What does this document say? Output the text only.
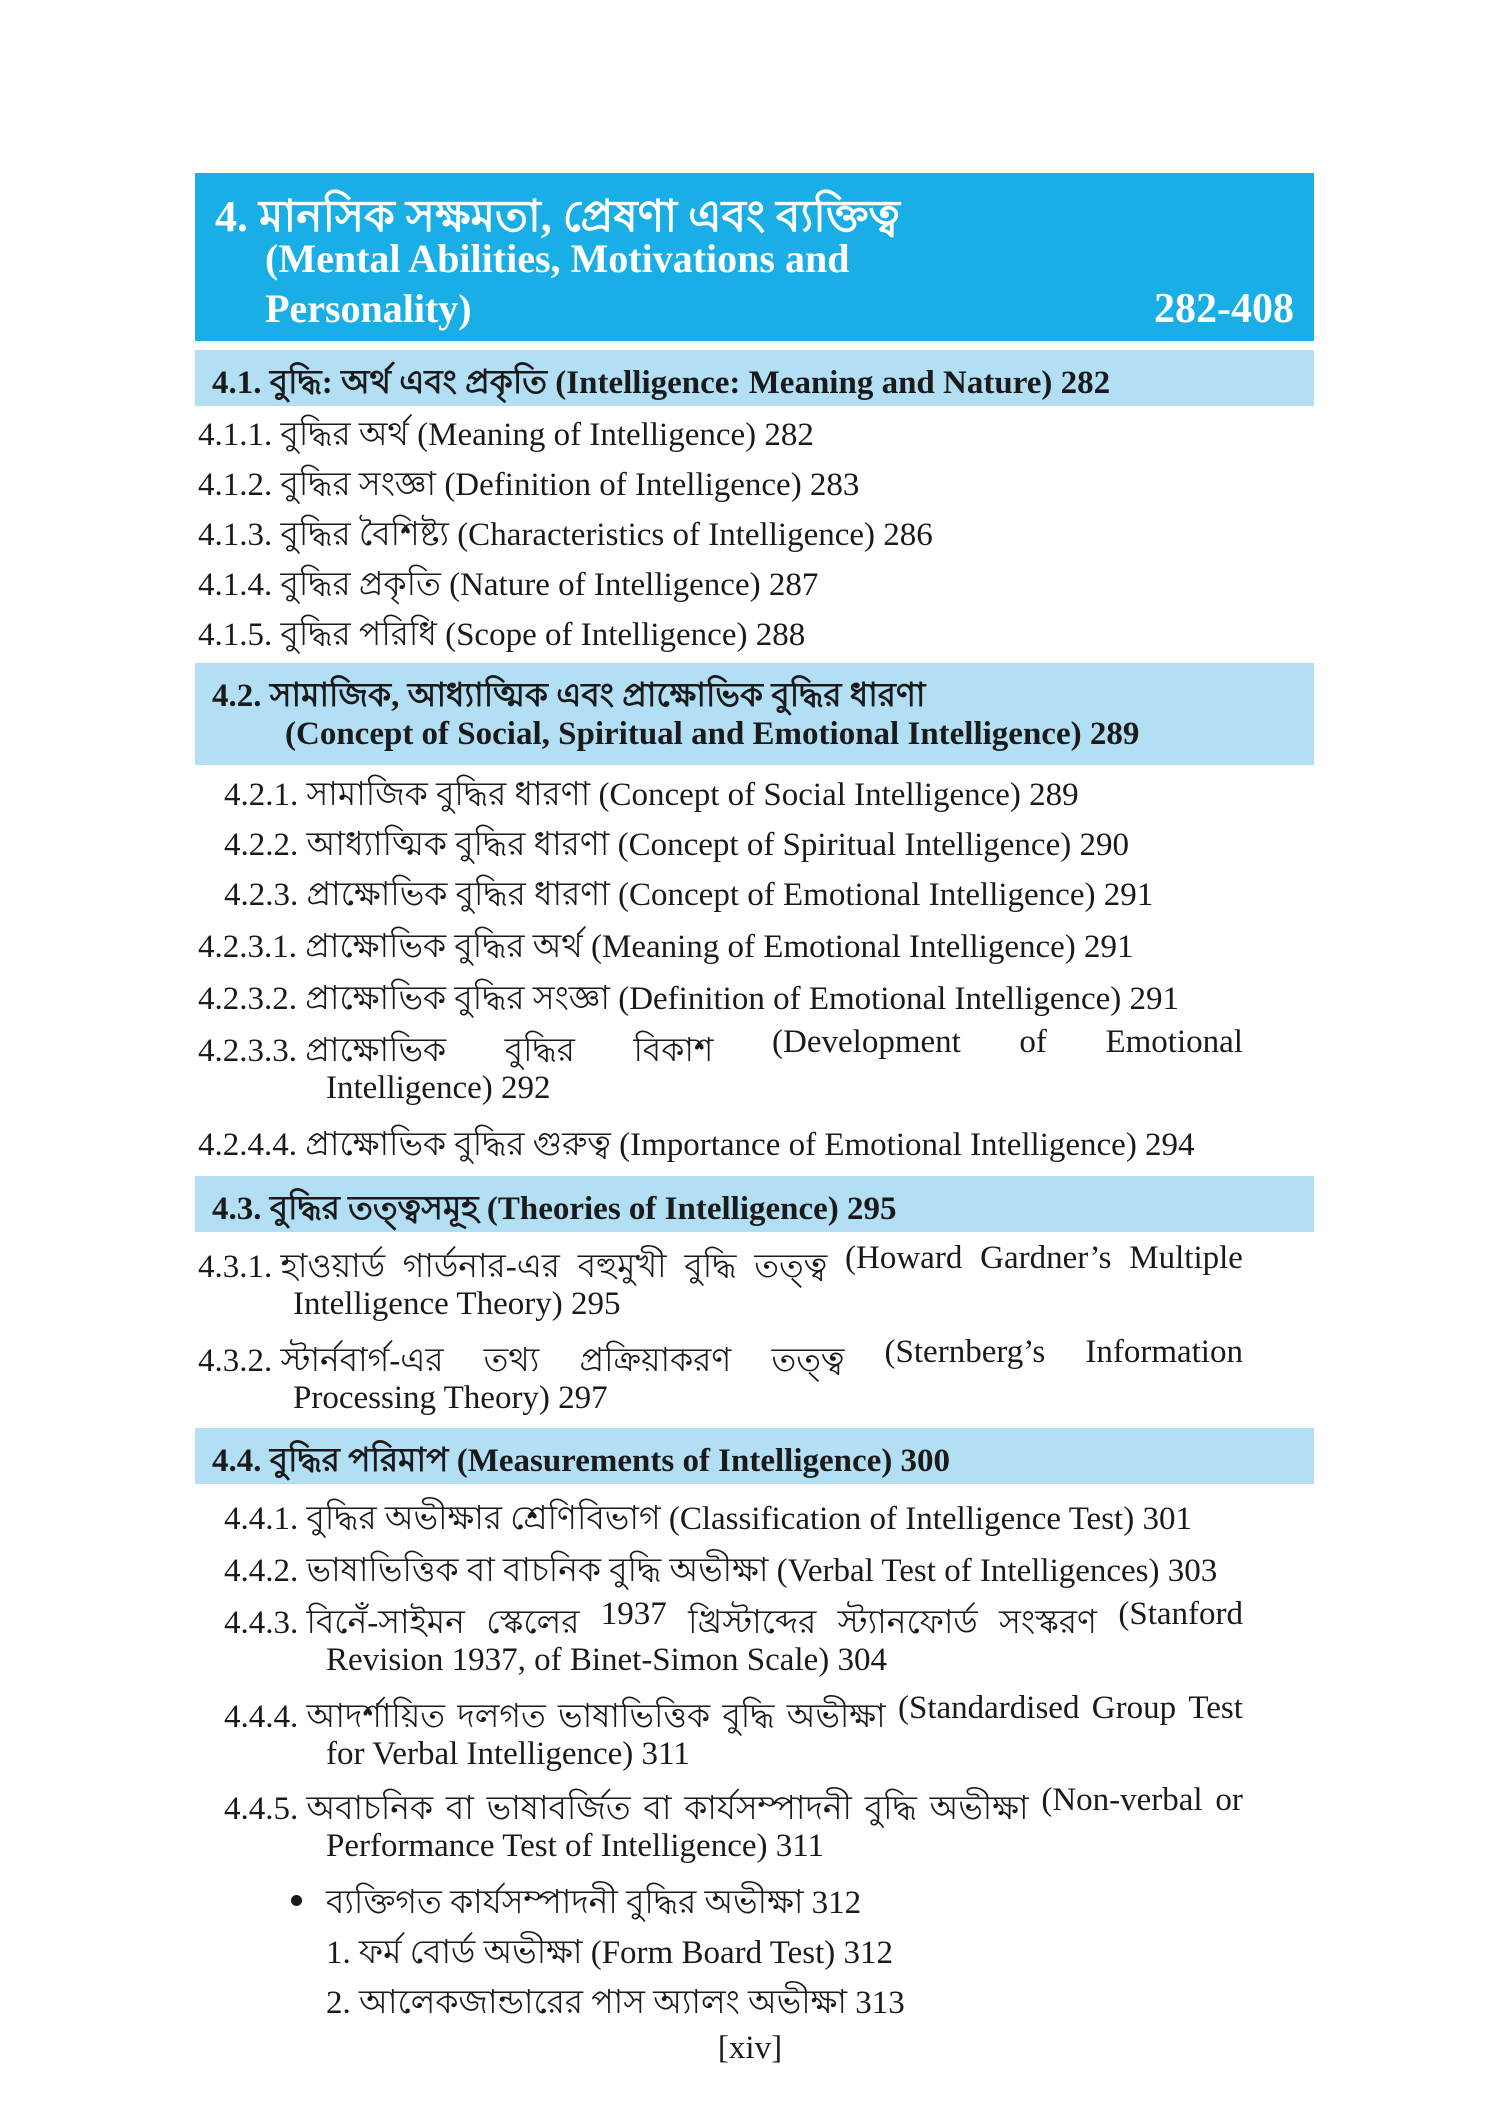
4. মানসিক সক্ষমতা, প্রেষণা এবং ব্যক্তিত্ব
(Mental Abilities, Motivations and
Personality)	282-408
4.1. বুদ্ধি: অর্থ এবং প্রকৃতি (Intelligence: Meaning and Nature) 282
4.1.1. বুদ্ধির অর্থ (Meaning of Intelligence) 282
4.1.2. বুদ্ধির সংজ্ঞা (Definition of Intelligence) 283
4.1.3. বুদ্ধির বৈশিষ্ট্য (Characteristics of Intelligence) 286
4.1.4. বুদ্ধির প্রকৃতি (Nature of Intelligence) 287
4.1.5. বুদ্ধির পরিধি (Scope of Intelligence) 288
4.2. সামাজিক, আধ্যাত্মিক এবং প্রাক্ষোভিক বুদ্ধির ধারণা
(Concept of Social, Spiritual and Emotional Intelligence) 289
4.2.1. সামাজিক বুদ্ধির ধারণা (Concept of Social Intelligence) 289
4.2.2. আধ্যাত্মিক বুদ্ধির ধারণা (Concept of Spiritual Intelligence) 290
4.2.3. প্রাক্ষোভিক বুদ্ধির ধারণা (Concept of Emotional Intelligence) 291
4.2.3.1. প্রাক্ষোভিক বুদ্ধির অর্থ (Meaning of Emotional Intelligence) 291
4.2.3.2. প্রাক্ষোভিক বুদ্ধির সংজ্ঞা (Definition of Emotional Intelligence) 291
4.2.3.3. প্রাক্ষোভিক বুদ্ধির বিকাশ (Development of Emotional
Intelligence) 292
4.2.4.4. প্রাক্ষোভিক বুদ্ধির গুরুত্ব (Importance of Emotional Intelligence) 294
4.3. বুদ্ধির তত্ত্বসমূহ (Theories of Intelligence) 295
4.3.1. হাওয়ার্ড গার্ডনার-এর বহুমুখী বুদ্ধি তত্ত্ব (Howard Gardner’s Multiple
Intelligence Theory) 295
4.3.2. স্টার্নবার্গ-এর তথ্য প্রক্রিয়াকরণ তত্ত্ব (Sternberg’s Information
Processing Theory) 297
4.4. বুদ্ধির পরিমাপ (Measurements of Intelligence) 300
4.4.1. বুদ্ধির অভীক্ষার শ্রেণিবিভাগ (Classification of Intelligence Test) 301
4.4.2. ভাষাভিত্তিক বা বাচনিক বুদ্ধি অভীক্ষা (Verbal Test of Intelligences) 303
4.4.3. বিনেঁ-সাইমন স্কেলের 1937 খ্রিস্টাব্দের স্ট্যানফোর্ড সংস্করণ (Stanford
Revision 1937, of Binet-Simon Scale) 304
4.4.4. আদর্শায়িত দলগত ভাষাভিত্তিক বুদ্ধি অভীক্ষা (Standardised Group Test
for Verbal Intelligence) 311
4.4.5. অবাচনিক বা ভাষাবর্জিত বা কার্যসম্পাদনী বুদ্ধি অভীক্ষা (Non-verbal or
Performance Test of Intelligence) 311
ব্যক্তিগত কার্যসম্পাদনী বুদ্ধির অভীক্ষা 312
1. ফর্ম বোর্ড অভীক্ষা (Form Board Test) 312
2. আলেকজান্ডারের পাস অ্যালং অভীক্ষা 313
[xiv]
